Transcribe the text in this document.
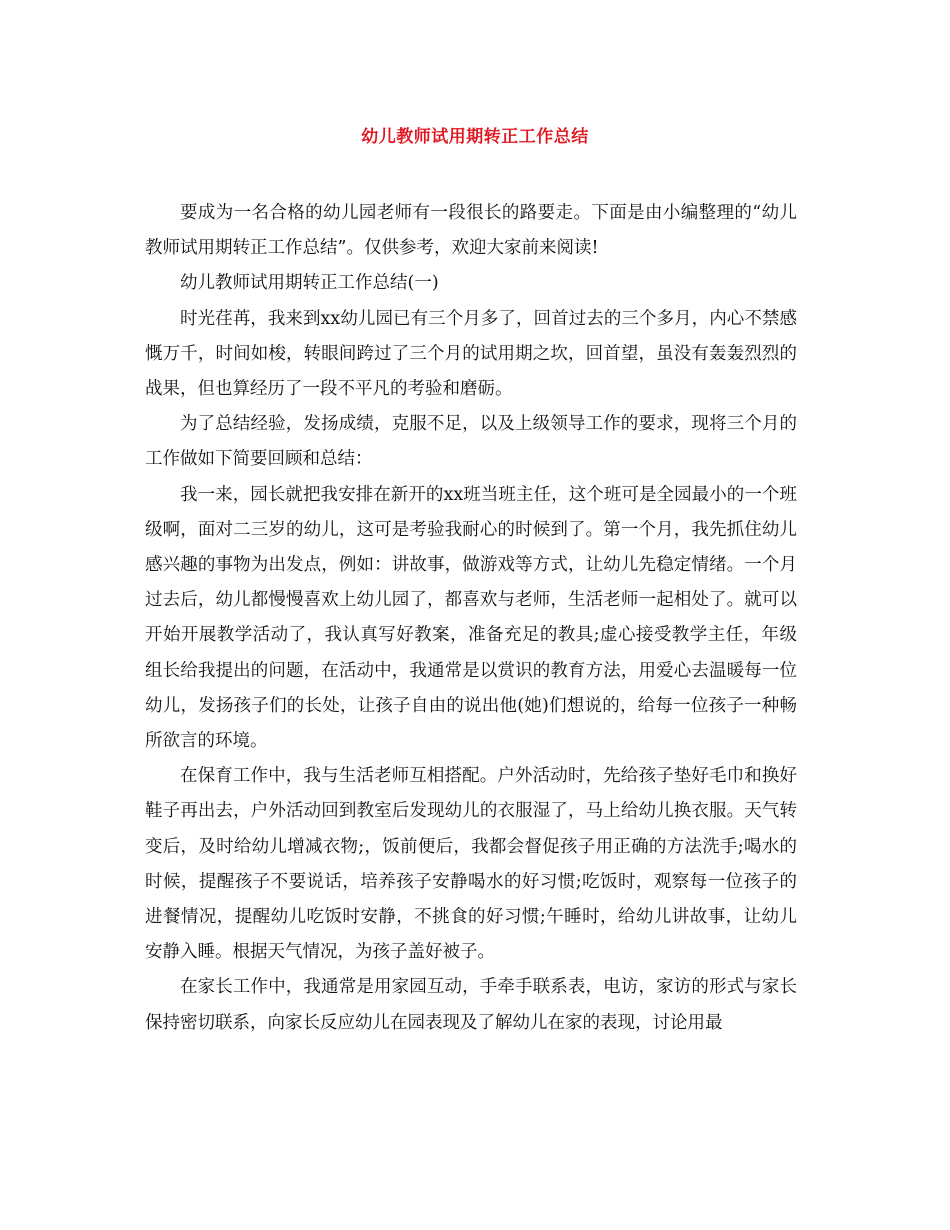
幼儿教师试用期转正工作总结

要成为一名合格的幼儿园老师有一段很长的路要走。下面是由小编整理的“幼儿教师试用期转正工作总结”。仅供参考，欢迎大家前来阅读!

幼儿教师试用期转正工作总结(一)

时光荏苒，我来到xx幼儿园已有三个月多了，回首过去的三个多月，内心不禁感慨万千，时间如梭，转眼间跨过了三个月的试用期之坎，回首望，虽没有轰轰烈烈的战果，但也算经历了一段不平凡的考验和磨砺。

为了总结经验，发扬成绩，克服不足，以及上级领导工作的要求，现将三个月的工作做如下简要回顾和总结：

我一来，园长就把我安排在新开的xx班当班主任，这个班可是全园最小的一个班级啊，面对二三岁的幼儿，这可是考验我耐心的时候到了。第一个月，我先抓住幼儿感兴趣的事物为出发点，例如：讲故事，做游戏等方式，让幼儿先稳定情绪。一个月过去后，幼儿都慢慢喜欢上幼儿园了，都喜欢与老师，生活老师一起相处了。就可以开始开展教学活动了，我认真写好教案，准备充足的教具;虚心接受教学主任，年级组长给我提出的问题，在活动中，我通常是以赏识的教育方法，用爱心去温暖每一位幼儿，发扬孩子们的长处，让孩子自由的说出他(她)们想说的，给每一位孩子一种畅所欲言的环境。

在保育工作中，我与生活老师互相搭配。户外活动时，先给孩子垫好毛巾和换好鞋子再出去，户外活动回到教室后发现幼儿的衣服湿了，马上给幼儿换衣服。天气转变后，及时给幼儿增减衣物;，饭前便后，我都会督促孩子用正确的方法洗手;喝水的时候，提醒孩子不要说话，培养孩子安静喝水的好习惯;吃饭时，观察每一位孩子的进餐情况，提醒幼儿吃饭时安静，不挑食的好习惯;午睡时，给幼儿讲故事，让幼儿安静入睡。根据天气情况，为孩子盖好被子。

在家长工作中，我通常是用家园互动，手牵手联系表，电访，家访的形式与家长保持密切联系，向家长反应幼儿在园表现及了解幼儿在家的表现，讨论用最
